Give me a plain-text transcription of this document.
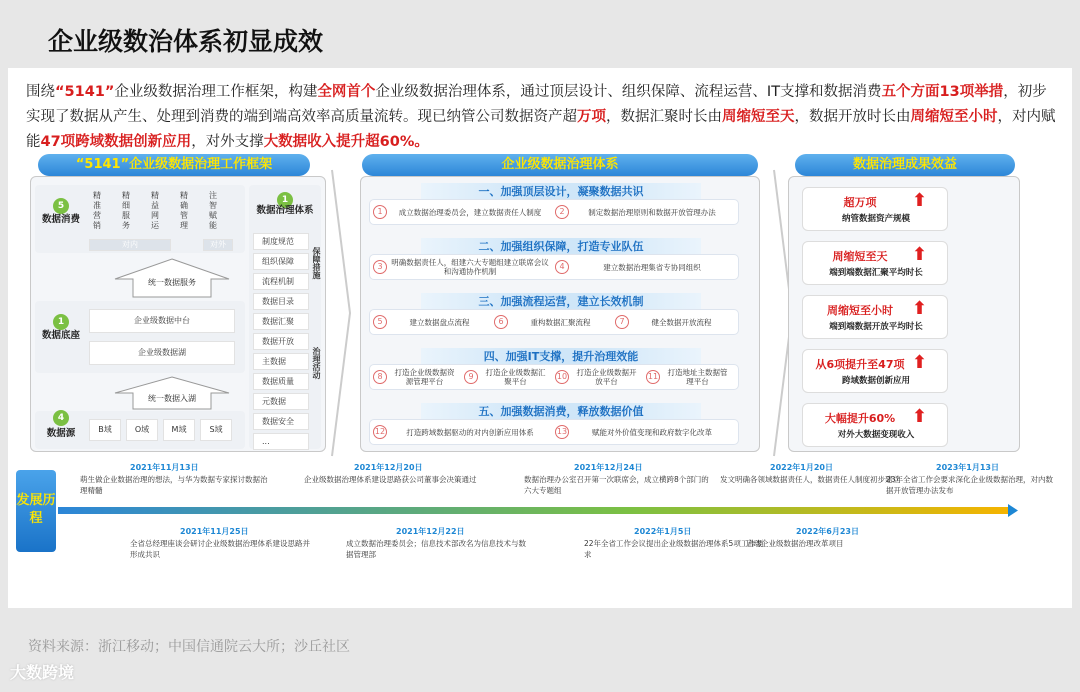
企业级数治体系初显成效
围绕“5141”企业级数据治理工作框架，构建全网首个企业级数据治理体系，通过顶层设计、组织保障、流程运营、IT支撑和数据消费五个方面13项举措，初步实现了数据从产生、处理到消费的端到端高效率高质量流转。现已纳管公司数据资产超万项，数据汇聚时长由周缩短至天，数据开放时长由周缩短至小时，对内赋能47项跨域数据创新应用，对外支撑大数据收入提升超60%。
“5141”企业级数据治理工作框架
5
数据消费
精准营销
精细服务
精益网运
精确管理
注智赋能
对内	对外
统一数据服务
1
数据底座
企业级数据中台
企业级数据湖
统一数据入湖
4
数据源	B域	O域	M域	S域
1
数据治理体系
制度规范
组织保障
流程机制
数据目录
数据汇聚
数据开放
主数据
数据质量
元数据
数据安全
...
保障措施
治理活动
企业级数据治理体系
一、加强顶层设计，凝聚数据共识
1	成立数据治理委员会，建立数据责任人制度	2	制定数据治理原则和数据开放管理办法
二、加强组织保障，打造专业队伍
3	明确数据责任人，组建六大专题组建立联席会议和沟通协作机制
4	建立数据治理集省专协同组织
三、加强流程运营，建立长效机制
5	建立数据盘点流程	6	重构数据汇聚流程	7	健全数据开放流程
四、加强IT支撑，提升治理效能
8	打造企业级数据资源管理平台
9	打造企业级数据汇聚平台
10	打造企业级数据开放平台
11	打造地址主数据管理平台
五、加强数据消费，释放数据价值
12	打造跨域数据驱动的对内创新应用体系	13	赋能对外价值变现和政府数字化改革
数据治理成果效益
超万项
纳管数据资产规模
⬆
周缩短至天
端到端数据汇聚平均时长
⬆
周缩短至小时
端到端数据开放平均时长
⬆
从6项提升至47项
跨域数据创新应用
⬆
大幅提升60%
对外大数据变现收入
⬆
发展历程
2021年11月13日
萌生做企业数据治理的想法，与华为数据专家探讨数据治理精髓
2021年12月20日
企业级数据治理体系建设思路获公司董事会决策通过
2021年12月24日
数据治理办公室召开第一次联席会，成立横跨8个部门的六大专题组
2022年1月20日
发文明确各领域数据责任人，数据责任人制度初步建立
2023年1月13日
23年全省工作会要求深化企业级数据治理，对内数据开放管理办法发布
2021年11月25日
全省总经理座谈会研讨企业级数据治理体系建设思路并形成共识
2021年12月22日
成立数据治理委员会；信息技术部改名为信息技术与数据管理部
2022年1月5日
22年全省工作会议提出企业级数据治理体系5项工作要求
2022年6月23日
启动企业级数据治理改革项目
资料来源：浙江移动；中国信通院云大所；沙丘社区
大数跨境
